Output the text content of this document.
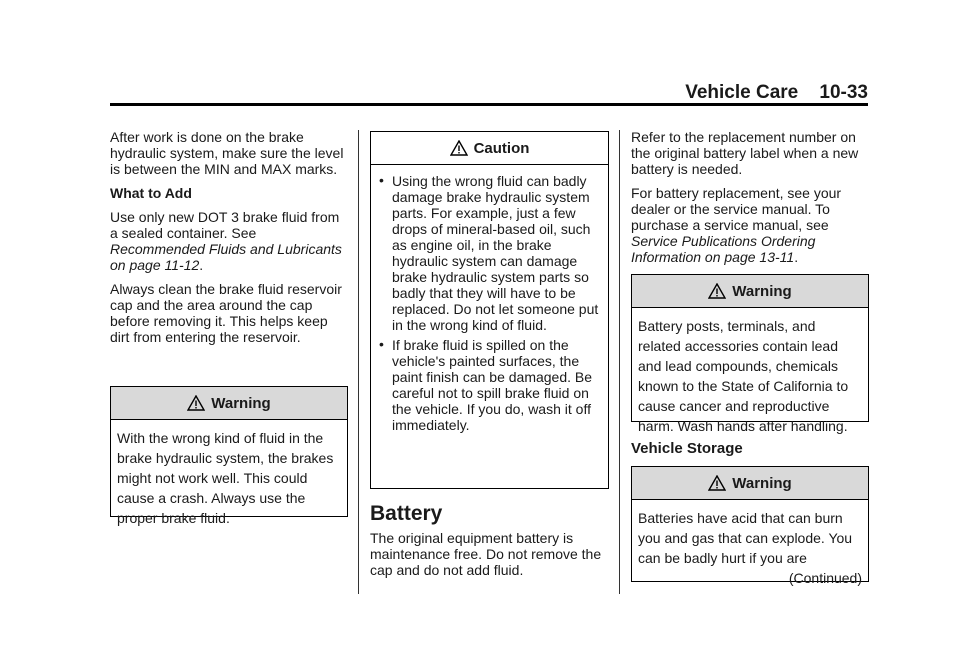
Vehicle Care 10-33

After work is done on the brake hydraulic system, make sure the level is between the MIN and MAX marks.

What to Add

Use only new DOT 3 brake fluid from a sealed container. See Recommended Fluids and Lubricants on page 11-12.

Always clean the brake fluid reservoir cap and the area around the cap before removing it. This helps keep dirt from entering the reservoir.

Warning
With the wrong kind of fluid in the brake hydraulic system, the brakes might not work well. This could cause a crash. Always use the proper brake fluid.
Caution
• Using the wrong fluid can badly damage brake hydraulic system parts. For example, just a few drops of mineral-based oil, such as engine oil, in the brake hydraulic system can damage brake hydraulic system parts so badly that they will have to be replaced. Do not let someone put in the wrong kind of fluid.
• If brake fluid is spilled on the vehicle's painted surfaces, the paint finish can be damaged. Be careful not to spill brake fluid on the vehicle. If you do, wash it off immediately.

Battery

The original equipment battery is maintenance free. Do not remove the cap and do not add fluid.

Refer to the replacement number on the original battery label when a new battery is needed.

For battery replacement, see your dealer or the service manual. To purchase a service manual, see Service Publications Ordering Information on page 13-11.

Warning
Battery posts, terminals, and related accessories contain lead and lead compounds, chemicals known to the State of California to cause cancer and reproductive harm. Wash hands after handling.
Vehicle Storage
Warning
Batteries have acid that can burn you and gas that can explode. You can be badly hurt if you are
(Continued)
